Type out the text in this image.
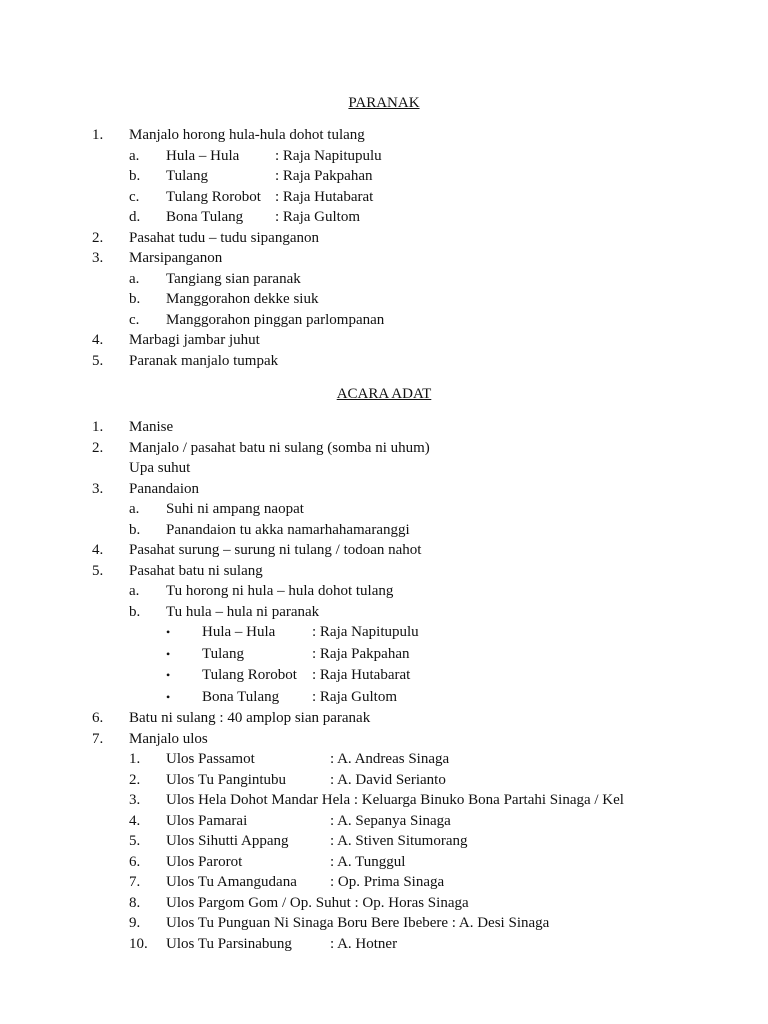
PARANAK
1. Manjalo horong hula-hula dohot tulang
a. Hula – Hula : Raja Napitupulu
b. Tulang	: Raja Pakpahan
c. Tulang Rorobot : Raja Hutabarat
d. Bona Tulang : Raja Gultom
2. Pasahat tudu – tudu sipanganon
3. Marsipanganon
a. Tangiang sian paranak
b. Manggorahon dekke siuk
c. Manggorahon pinggan parlompanan
4. Marbagi jambar juhut
5. Paranak manjalo tumpak
ACARA ADAT
1. Manise
2. Manjalo / pasahat batu ni sulang (somba ni uhum)
Upa suhut
3. Panandaion
a. Suhi ni ampang naopat
b. Panandaion tu akka namarhahamaranggi
4. Pasahat surung – surung ni tulang / todoan nahot
5. Pasahat batu ni sulang
a. Tu horong ni hula – hula dohot tulang
b. Tu hula – hula ni paranak
• Hula – Hula : Raja Napitupulu
• Tulang	: Raja Pakpahan
• Tulang Rorobot : Raja Hutabarat
• Bona Tulang : Raja Gultom
6. Batu ni sulang : 40 amplop sian paranak
7. Manjalo ulos
1. Ulos Passamot	: A. Andreas Sinaga
2. Ulos Tu Pangintubu	: A. David Serianto
3. Ulos Hela Dohot Mandar Hela : Keluarga Binuko Bona Partahi Sinaga / Kel
4. Ulos Pamarai	: A. Sepanya Sinaga
5. Ulos Sihutti Appang	: A. Stiven Situmorang
6. Ulos Parorot	: A. Tunggul
7. Ulos Tu Amangudana : Op. Prima Sinaga
8. Ulos Pargom Gom / Op. Suhut : Op. Horas Sinaga
9. Ulos Tu Punguan Ni Sinaga Boru Bere Ibebere : A. Desi Sinaga
10. Ulos Tu Parsinabung	: A. Hotner
